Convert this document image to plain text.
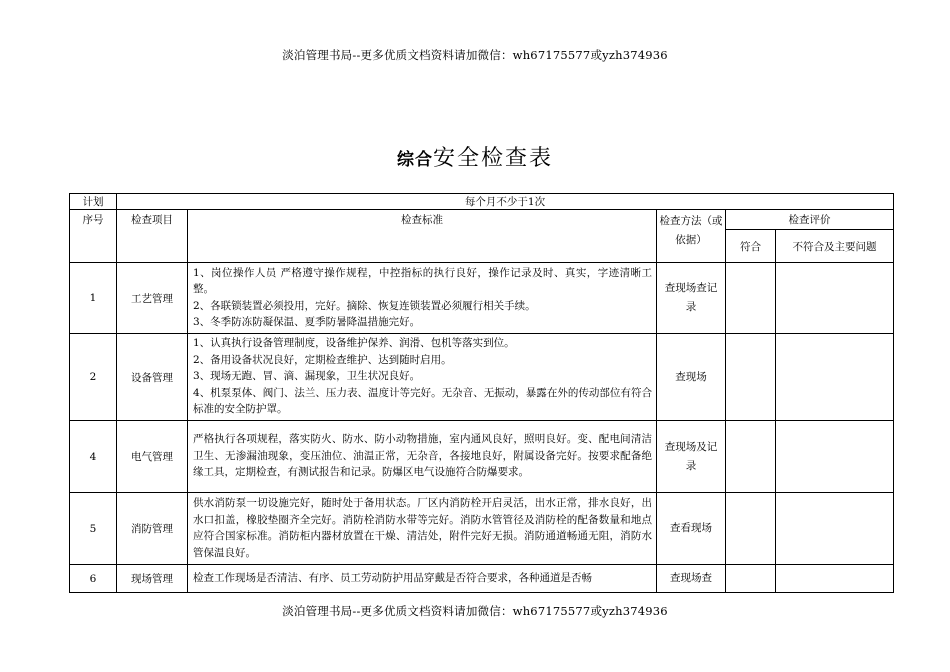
淡泊管理书局--更多优质文档资料请加微信：wh67175577或yzh374936
综合安全检查表
计划	每个月不少于1次				
序号	检查项目	检查标准	检查方法（或依据）	检查评价	
				符合	不符合及主要问题
1	工艺管理	1、岗位操作人员 严格遵守操作规程，中控指标的执行良好，操作记录及时、真实，字迹清晰工整。
2、各联锁装置必须投用，完好。摘除、恢复连锁装置必须履行相关手续。
3、冬季防冻防凝保温、夏季防暑降温措施完好。	查现场查记录		
2	设备管理	1、认真执行设备管理制度，设备维护保养、润滑、包机等落实到位。
2、备用设备状况良好，定期检查维护、达到随时启用。
3、现场无跑、冒、滴、漏现象，卫生状况良好。
4、机泵泵体、阀门、法兰、压力表、温度计等完好。无杂音、无振动，暴露在外的传动部位有符合标准的安全防护罩。	查现场		
4	电气管理	严格执行各项规程，落实防火、防水、防小动物措施，室内通风良好，照明良好。变、配电间清洁卫生、无渗漏油现象，变压油位、油温正常，无杂音，各接地良好，附属设备完好。按要求配备绝缘工具，定期检查，有测试报告和记录。防爆区电气设施符合防爆要求。	查现场及记录		
5	消防管理	供水消防泵一切设施完好，随时处于备用状态。厂区内消防栓开启灵活，出水正常，排水良好，出水口扣盖，橡胶垫圈齐全完好。消防栓消防水带等完好。消防水管管径及消防栓的配备数量和地点应符合国家标准。消防柜内器材放置在干燥、清洁处，附件完好无损。消防通道畅通无阻，消防水管保温良好。	查看现场		
6	现场管理	检查工作现场是否清洁、有序、员工劳动防护用品穿戴是否符合要求，各种通道是否畅	查现场查		
淡泊管理书局--更多优质文档资料请加微信：wh67175577或yzh374936
